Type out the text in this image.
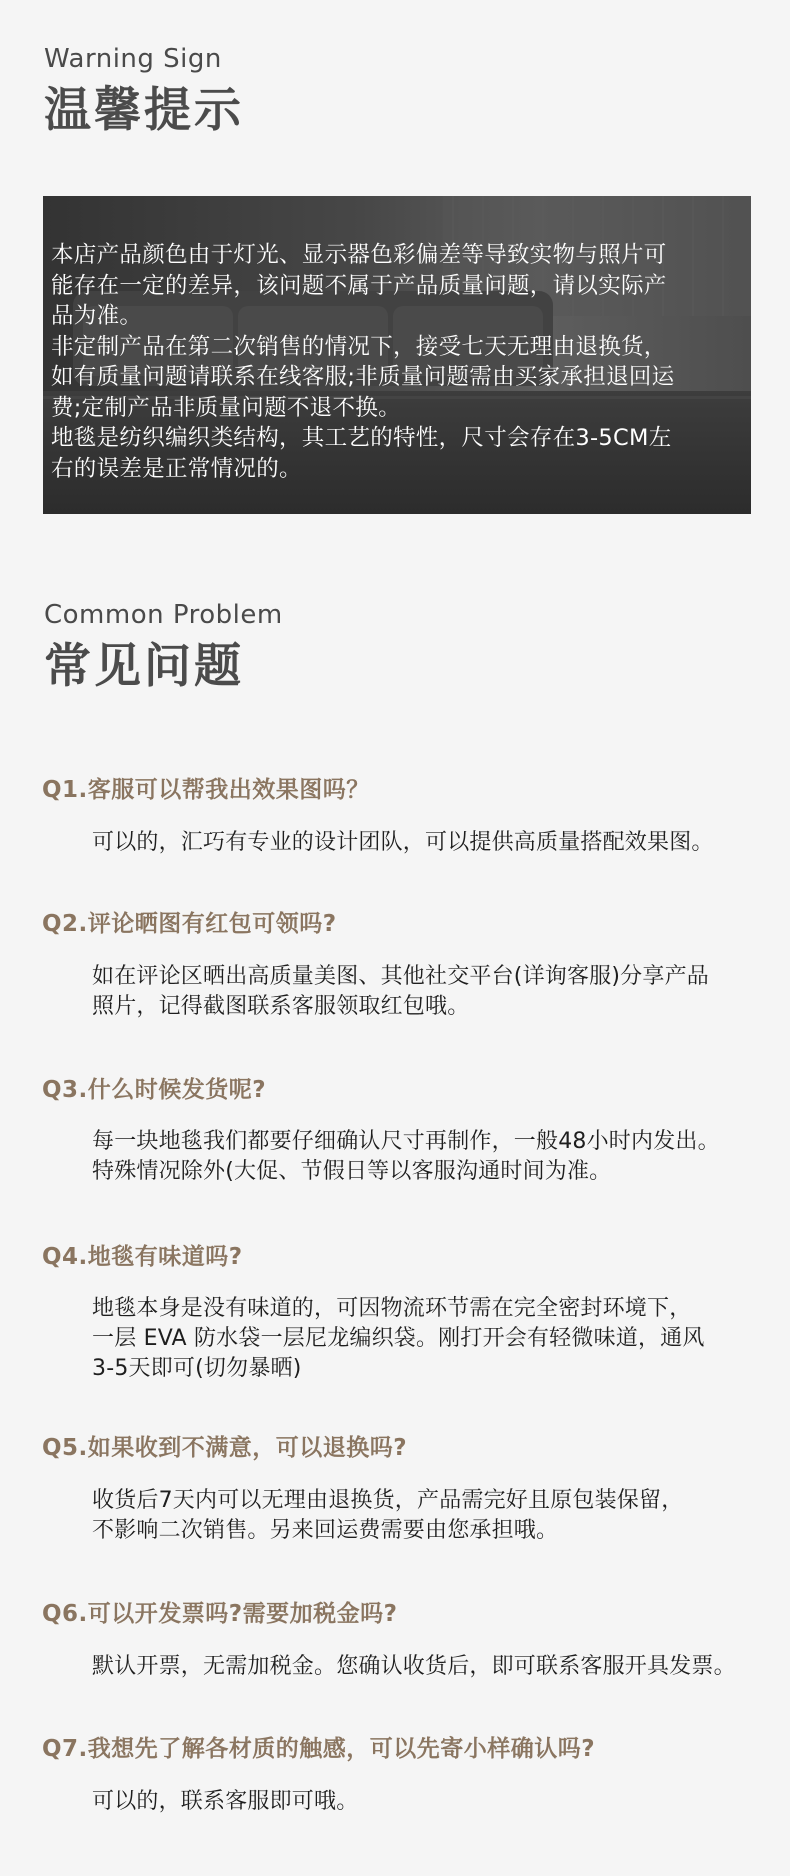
Warning Sign
温馨提示

本店产品颜色由于灯光、显示器色彩偏差等导致实物与照片可

能存在一定的差异，该问题不属于产品质量问题，请以实际产

品为准。

非定制产品在第二次销售的情况下，接受七天无理由退换货，

如有质量问题请联系在线客服;非质量问题需由买家承担退回运

费;定制产品非质量问题不退不换。

地毯是纺织编织类结构，其工艺的特性，尺寸会存在3-5CM左

右的误差是正常情况的。

Common Problem
常见问题
Q1.客服可以帮我出效果图吗？

可以的，汇巧有专业的设计团队，可以提供高质量搭配效果图。

Q2.评论晒图有红包可领吗?

如在评论区晒出高质量美图、其他社交平台(详询客服)分享产品

照片，记得截图联系客服领取红包哦。

Q3.什么时候发货呢?

每一块地毯我们都要仔细确认尺寸再制作，一般48小时内发出。

特殊情况除外(大促、节假日等以客服沟通时间为准。

Q4.地毯有味道吗?

地毯本身是没有味道的，可因物流环节需在完全密封环境下，

一层 EVA 防水袋一层尼龙编织袋。刚打开会有轻微味道，通风

3-5天即可(切勿暴晒)

Q5.如果收到不满意，可以退换吗?

收货后7天内可以无理由退换货，产品需完好且原包装保留，

不影响二次销售。另来回运费需要由您承担哦。

Q6.可以开发票吗?需要加税金吗?

默认开票，无需加税金。您确认收货后，即可联系客服开具发票。

Q7.我想先了解各材质的触感，可以先寄小样确认吗?

可以的，联系客服即可哦。
